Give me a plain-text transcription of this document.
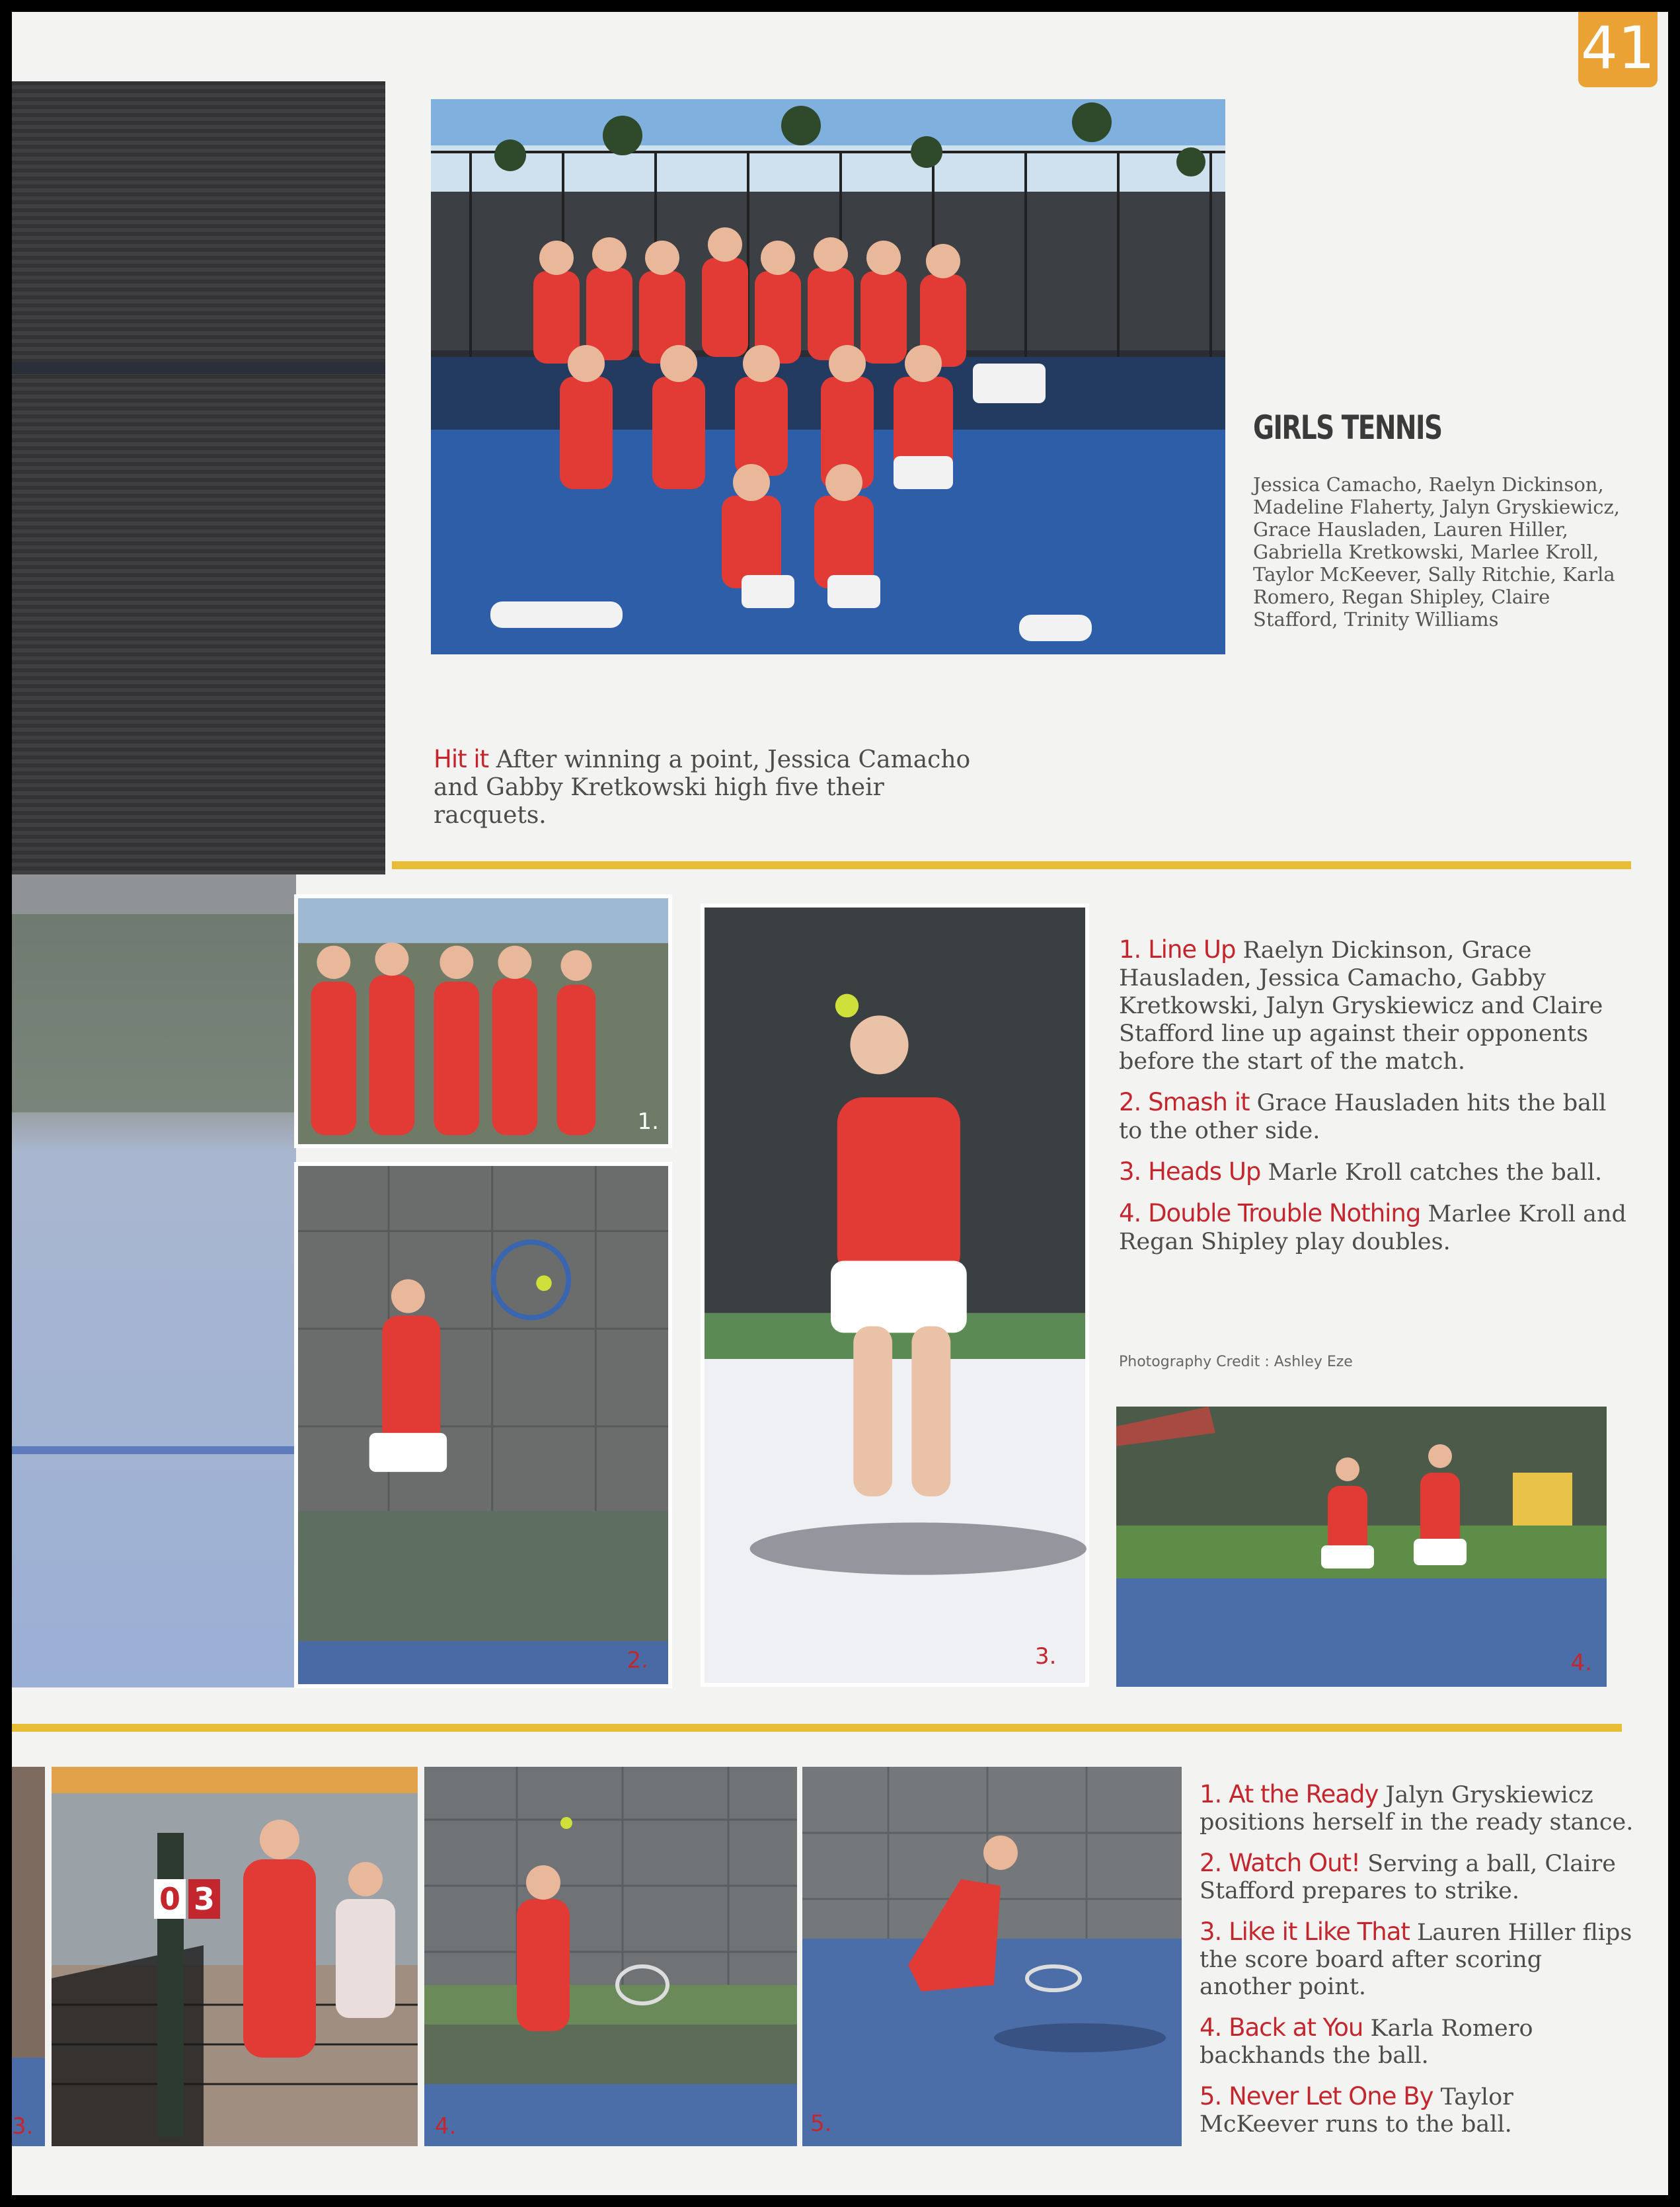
41
GIRLS TENNIS
Jessica Camacho, Raelyn Dickinson, Madeline Flaherty, Jalyn Gryskiewicz, Grace Hausladen, Lauren Hiller, Gabriella Kretkowski, Marlee Kroll, Taylor McKeever, Sally Ritchie, Karla Romero, Regan Shipley, Claire Stafford, Trinity Williams
Hit it After winning a point, Jessica Camacho and Gabby Kretkowski high five their racquets.
1.
2.	3.

1. Line Up Raelyn Dickinson, Grace Hausladen, Jessica Camacho, Gabby Kretkowski, Jalyn Gryskiewicz and Claire Stafford line up against their opponents before the start of the match.

2. Smash it Grace Hausladen hits the ball to the other side.

3. Heads Up Marle Kroll catches the ball.

4. Double Trouble Nothing Marlee Kroll and Regan Shipley play doubles.

Photography Credit : Ashley Eze
4.
0 3
3.	4.	5.

1. At the Ready Jalyn Gryskiewicz positions herself in the ready stance.

2. Watch Out! Serving a ball, Claire Stafford prepares to strike.

3. Like it Like That Lauren Hiller flips the score board after scoring another point.

4. Back at You Karla Romero backhands the ball.

5. Never Let One By Taylor McKeever runs to the ball.
